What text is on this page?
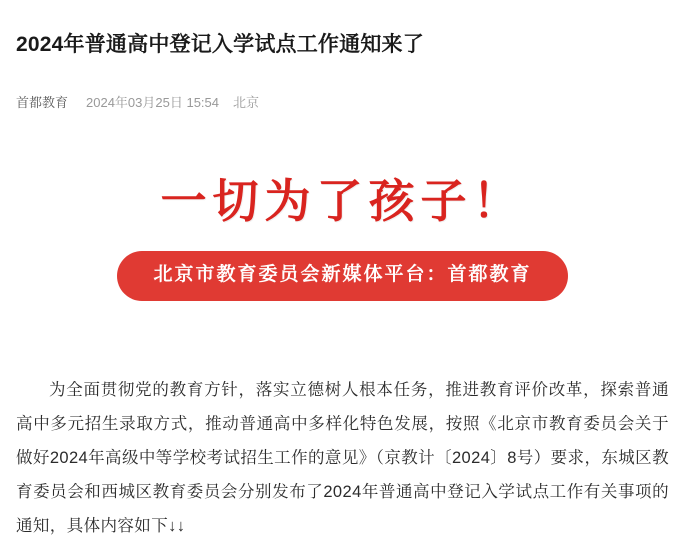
2024年普通高中登记入学试点工作通知来了
首都教育 2024年03月25日 15:54 北京
一切为了孩子！
北京市教育委员会新媒体平台：首都教育

为全面贯彻党的教育方针，落实立德树人根本任务，推进教育评价改革，探索普通高中多元招生录取方式，推动普通高中多样化特色发展，按照《北京市教育委员会关于做好2024年高级中等学校考试招生工作的意见》（京教计〔2024〕8号）要求，东城区教育委员会和西城区教育委员会分别发布了2024年普通高中登记入学试点工作有关事项的通知，具体内容如下↓↓
